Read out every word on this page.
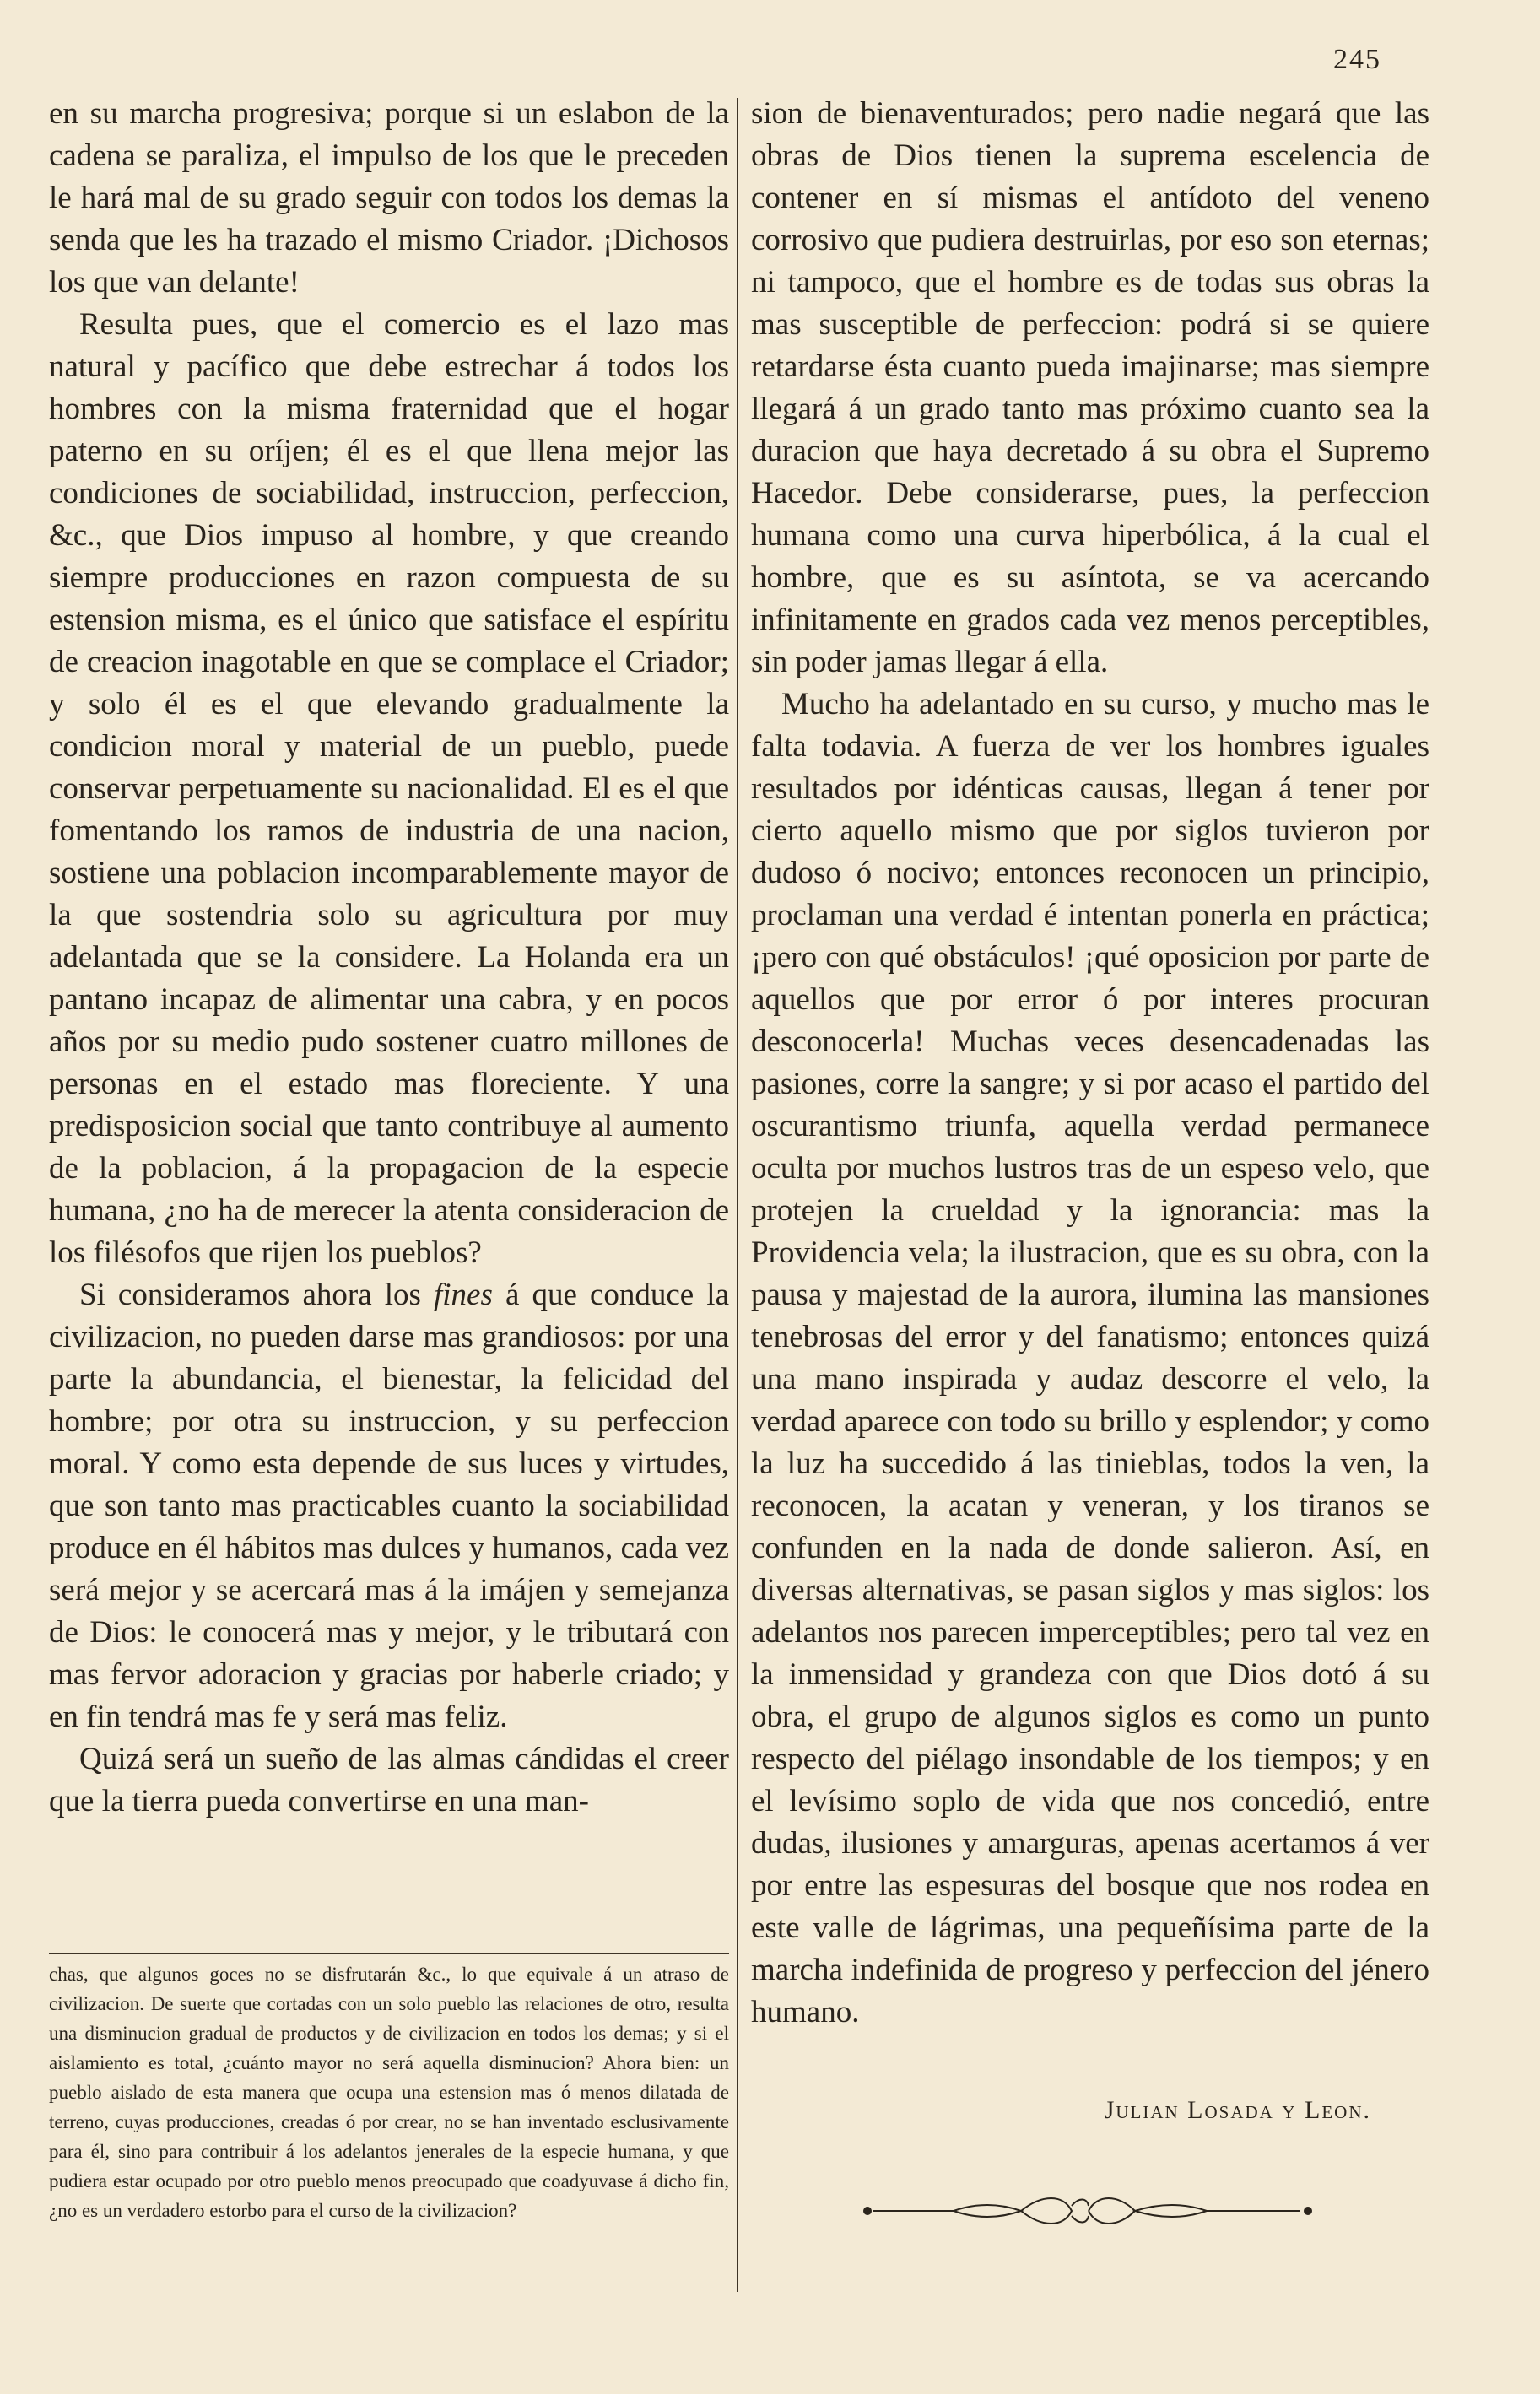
245

en su marcha progresiva; porque si un eslabon de la cadena se paraliza, el impulso de los que le preceden le hará mal de su grado seguir con todos los demas la senda que les ha trazado el mismo Criador. ¡Dichosos los que van delante!

Resulta pues, que el comercio es el lazo mas natural y pacífico que debe estrechar á todos los hombres con la misma fraternidad que el hogar paterno en su oríjen; él es el que llena mejor las condiciones de sociabilidad, instruccion, perfeccion, &c., que Dios impuso al hombre, y que creando siempre producciones en razon compuesta de su estension misma, es el único que satisface el espíritu de creacion inagotable en que se complace el Criador; y solo él es el que elevando gradualmente la condicion moral y material de un pueblo, puede conservar perpetuamente su nacionalidad. El es el que fomentando los ramos de industria de una nacion, sostiene una poblacion incomparablemente mayor de la que sostendria solo su agricultura por muy adelantada que se la considere. La Holanda era un pantano incapaz de alimentar una cabra, y en pocos años por su medio pudo sostener cuatro millones de personas en el estado mas floreciente. Y una predisposicion social que tanto contribuye al aumento de la poblacion, á la propagacion de la especie humana, ¿no ha de merecer la atenta consideracion de los filésofos que rijen los pueblos?

Si consideramos ahora los fines á que conduce la civilizacion, no pueden darse mas grandiosos: por una parte la abundancia, el bienestar, la felicidad del hombre; por otra su instruccion, y su perfeccion moral. Y como esta depende de sus luces y virtudes, que son tanto mas practicables cuanto la sociabilidad produce en él hábitos mas dulces y humanos, cada vez será mejor y se acercará mas á la imájen y semejanza de Dios: le conocerá mas y mejor, y le tributará con mas fervor adoracion y gracias por haberle criado; y en fin tendrá mas fe y será mas feliz.

Quizá será un sueño de las almas cándidas el creer que la tierra pueda convertirse en una man-

chas, que algunos goces no se disfrutarán &c., lo que equivale á un atraso de civilizacion. De suerte que cortadas con un solo pueblo las relaciones de otro, resulta una disminucion gradual de productos y de civilizacion en todos los demas; y si el aislamiento es total, ¿cuánto mayor no será aquella disminucion? Ahora bien: un pueblo aislado de esta manera que ocupa una estension mas ó menos dilatada de terreno, cuyas producciones, creadas ó por crear, no se han inventado esclusivamente para él, sino para contribuir á los adelantos jenerales de la especie humana, y que pudiera estar ocupado por otro pueblo menos preocupado que coadyuvase á dicho fin, ¿no es un verdadero estorbo para el curso de la civilizacion?

sion de bienaventurados; pero nadie negará que las obras de Dios tienen la suprema escelencia de contener en sí mismas el antídoto del veneno corrosivo que pudiera destruirlas, por eso son eternas; ni tampoco, que el hombre es de todas sus obras la mas susceptible de perfeccion: podrá si se quiere retardarse ésta cuanto pueda imajinarse; mas siempre llegará á un grado tanto mas próximo cuanto sea la duracion que haya decretado á su obra el Supremo Hacedor. Debe considerarse, pues, la perfeccion humana como una curva hiperbólica, á la cual el hombre, que es su asíntota, se va acercando infinitamente en grados cada vez menos perceptibles, sin poder jamas llegar á ella.

Mucho ha adelantado en su curso, y mucho mas le falta todavia. A fuerza de ver los hombres iguales resultados por idénticas causas, llegan á tener por cierto aquello mismo que por siglos tuvieron por dudoso ó nocivo; entonces reconocen un principio, proclaman una verdad é intentan ponerla en práctica; ¡pero con qué obstáculos! ¡qué oposicion por parte de aquellos que por error ó por interes procuran desconocerla! Muchas veces desencadenadas las pasiones, corre la sangre; y si por acaso el partido del oscurantismo triunfa, aquella verdad permanece oculta por muchos lustros tras de un espeso velo, que protejen la crueldad y la ignorancia: mas la Providencia vela; la ilustracion, que es su obra, con la pausa y majestad de la aurora, ilumina las mansiones tenebrosas del error y del fanatismo; entonces quizá una mano inspirada y audaz descorre el velo, la verdad aparece con todo su brillo y esplendor; y como la luz ha succedido á las tinieblas, todos la ven, la reconocen, la acatan y veneran, y los tiranos se confunden en la nada de donde salieron. Así, en diversas alternativas, se pasan siglos y mas siglos: los adelantos nos parecen imperceptibles; pero tal vez en la inmensidad y grandeza con que Dios dotó á su obra, el grupo de algunos siglos es como un punto respecto del piélago insondable de los tiempos; y en el levísimo soplo de vida que nos concedió, entre dudas, ilusiones y amarguras, apenas acertamos á ver por entre las espesuras del bosque que nos rodea en este valle de lágrimas, una pequeñísima parte de la marcha indefinida de progreso y perfeccion del jénero humano.

Julian Losada y Leon.
